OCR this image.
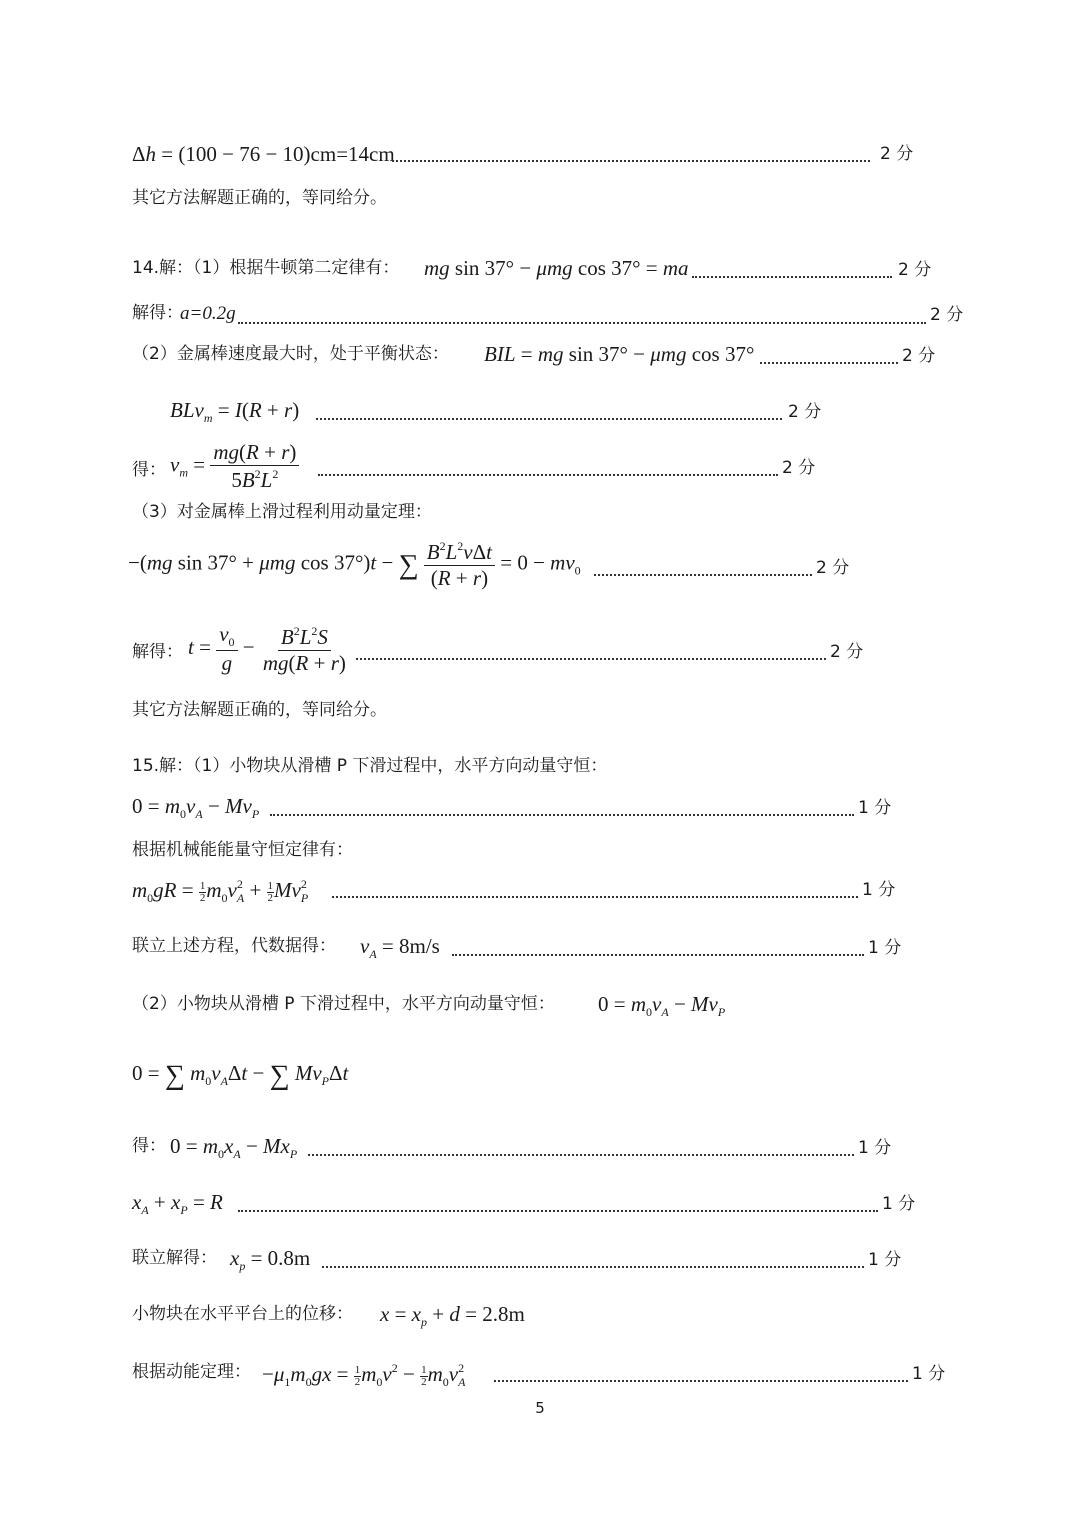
Δh = (100 − 76 − 10)cm=14cm	2 分
其它方法解题正确的，等同给分。
14.解：（1）根据牛顿第二定律有： mg sin 37° − μmg cos 37° = ma	2 分
解得：
a=0.2g	2 分
（2）金属棒速度最大时，处于平衡状态： BIL = mg sin 37° − μmg cos 37°	2 分
BLv$_m$ = I(R + r)	2 分
得： $v_m = \frac{mg(R + r)}{5B^2L^2}$	2 分
（3）对金属棒上滑过程利用动量定理：
−(mg sin 37° + μmg cos 37°)t − ∑ $\frac{B^2L^2v\Delta t}{(R + r)} = 0 - mv_0$	2 分
解得： $t = \frac{v_0}{g} - \frac{B^2L^2S}{mg(R + r)}$	2 分
其它方法解题正确的，等同给分。
15.解：（1）小物块从滑槽 P 下滑过程中，水平方向动量守恒：
$0 = m_0v_A - Mv_P$	1 分
根据机械能能量守恒定律有：
$m_0gR = \frac{1}{2} m_0v^2_A + \frac{1}{2} Mv^2_P$	1 分
联立上述方程，代数据得： $v_A = 8m/s$	1 分
（2）小物块从滑槽 P 下滑过程中，水平方向动量守恒： $0 = m_0v_A - Mv_P$
0 = ∑ $m_0v_A\Delta t$ − ∑ $Mv_P\Delta t$
得： $0 = m_0x_A - Mx_P$	1 分
$x_A + x_P = R$	1 分
联立解得： $x_p = 0.8m$	1 分
小物块在水平平台上的位移： $x = x_p + d = 2.8m$
根据动能定理： $-\mu_1m_0gx = \frac{1}{2} m_0v^2 - \frac{1}{2} m_0v^2_A$	1 分
5
